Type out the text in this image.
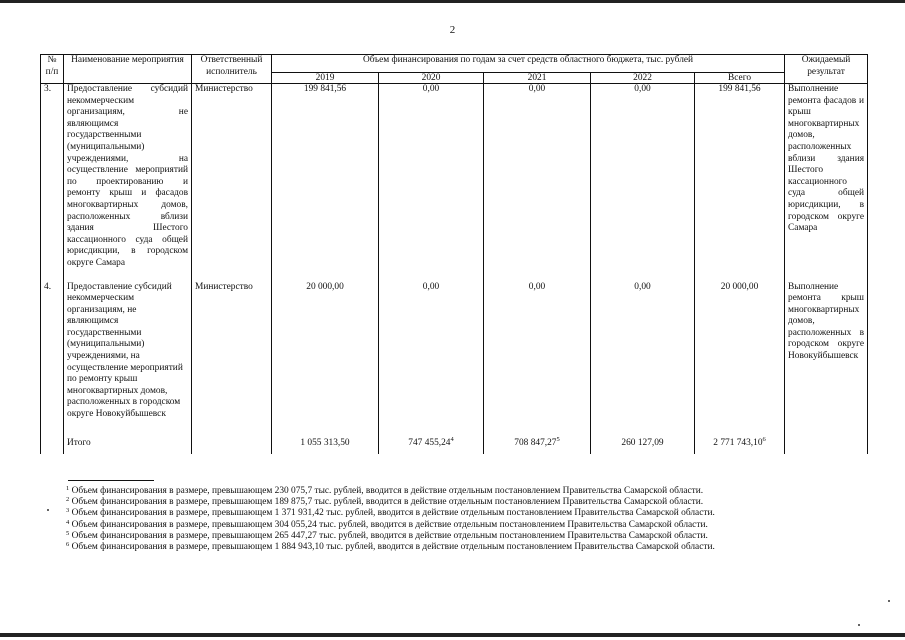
2
№ п/п	Наименование мероприятия	Ответственный исполнитель	Объем финансирования по годам за счет средств областного бюджета, тыс. рублей					Ожидаемый результат
			2019	2020	2021	2022	Всего	
3.	Предоставление субсидий некоммерческим организациям, не являющимся государственными (муниципальными) учреждениями, на осуществление мероприятий по проектированию и ремонту крыш и фасадов многоквартирных домов, расположенных вблизи здания Шестого кассационного суда общей юрисдикции, в городском округе Самара	Министерство	199 841,56	0,00	0,00	0,00	199 841,56	Выполнение ремонта фасадов и крыш многоквартирных домов, расположенных вблизи здания Шестого кассационного суда общей юрисдикции, в городском округе Самара
4.	Предоставление субсидий некоммерческим организациям, не являющимся государственными (муниципальными) учреждениями, на осуществление мероприятий по ремонту крыш многоквартирных домов, расположенных в городском округе Новокуйбышевск	Министерство	20 000,00	0,00	0,00	0,00	20 000,00	Выполнение ремонта крыш многоквартирных домов, расположенных в городском округе Новокуйбышевск
	Итого		1 055 313,50	747 455,24$^4$	708 847,27$^5$	260 127,09	2 771 743,10$^6$	
$^1$ Объем финансирования в размере, превышающем 230 075,7 тыс. рублей, вводится в действие отдельным постановлением Правительства Самарской области.
$^2$ Объем финансирования в размере, превышающем 189 875,7 тыс. рублей, вводится в действие отдельным постановлением Правительства Самарской области.
$^3$ Объем финансирования в размере, превышающем 1 371 931,42 тыс. рублей, вводится в действие отдельным постановлением Правительства Самарской области.
$^4$ Объем финансирования в размере, превышающем 304 055,24 тыс. рублей, вводится в действие отдельным постановлением Правительства Самарской области.
$^5$ Объем финансирования в размере, превышающем 265 447,27 тыс. рублей, вводится в действие отдельным постановлением Правительства Самарской области.
$^6$ Объем финансирования в размере, превышающем 1 884 943,10 тыс. рублей, вводится в действие отдельным постановлением Правительства Самарской области.
